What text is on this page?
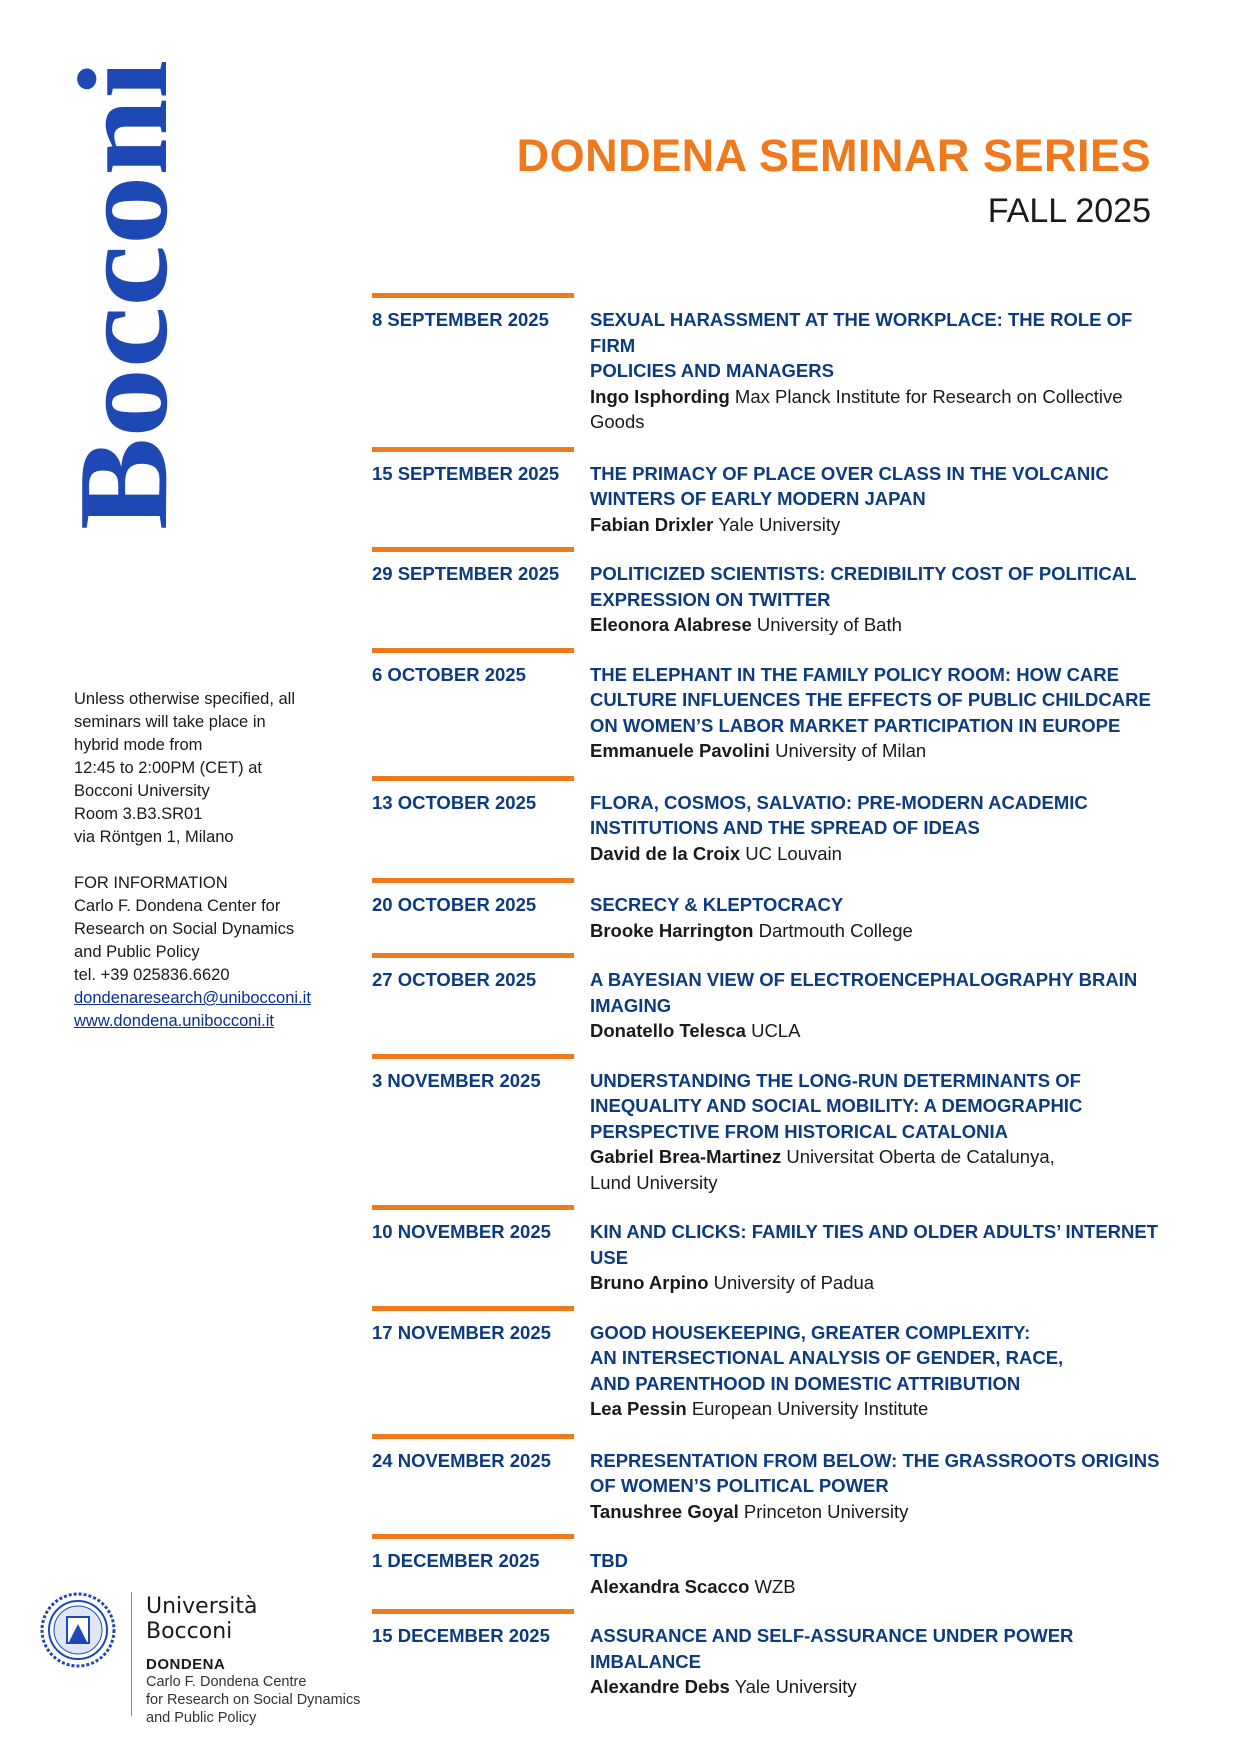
Bocconi	DONDENA SEMINAR SERIES
FALL 2025
Unless otherwise specified, all
seminars will take place in
hybrid mode from
12:45 to 2:00PM (CET) at
Bocconi University
Room 3.B3.SR01
via Röntgen 1, Milano
FOR INFORMATION
Carlo F. Dondena Center for
Research on Social Dynamics
and Public Policy
tel. +39 025836.6620
dondenaresearch@unibocconi.it
www.dondena.unibocconi.it
8 SEPTEMBER 2025	SEXUAL HARASSMENT AT THE WORKPLACE: THE ROLE OF FIRM
POLICIES AND MANAGERS
Ingo Isphording Max Planck Institute for Research on Collective
Goods
15 SEPTEMBER 2025	THE PRIMACY OF PLACE OVER CLASS IN THE VOLCANIC
WINTERS OF EARLY MODERN JAPAN
Fabian Drixler Yale University
29 SEPTEMBER 2025	POLITICIZED SCIENTISTS: CREDIBILITY COST OF POLITICAL
EXPRESSION ON TWITTER
Eleonora Alabrese University of Bath
6 OCTOBER 2025	THE ELEPHANT IN THE FAMILY POLICY ROOM: HOW CARE
CULTURE INFLUENCES THE EFFECTS OF PUBLIC CHILDCARE
ON WOMEN’S LABOR MARKET PARTICIPATION IN EUROPE
Emmanuele Pavolini University of Milan
13 OCTOBER 2025	FLORA, COSMOS, SALVATIO: PRE-MODERN ACADEMIC
INSTITUTIONS AND THE SPREAD OF IDEAS
David de la Croix UC Louvain
20 OCTOBER 2025	SECRECY & KLEPTOCRACY
Brooke Harrington Dartmouth College
27 OCTOBER 2025	A BAYESIAN VIEW OF ELECTROENCEPHALOGRAPHY BRAIN
IMAGING
Donatello Telesca UCLA
3 NOVEMBER 2025	UNDERSTANDING THE LONG-RUN DETERMINANTS OF
INEQUALITY AND SOCIAL MOBILITY: A DEMOGRAPHIC
PERSPECTIVE FROM HISTORICAL CATALONIA
Gabriel Brea-Martinez Universitat Oberta de Catalunya,
Lund University
10 NOVEMBER 2025	KIN AND CLICKS: FAMILY TIES AND OLDER ADULTS’ INTERNET
USE
Bruno Arpino University of Padua
17 NOVEMBER 2025	GOOD HOUSEKEEPING, GREATER COMPLEXITY:
AN INTERSECTIONAL ANALYSIS OF GENDER, RACE,
AND PARENTHOOD IN DOMESTIC ATTRIBUTION
Lea Pessin European University Institute
24 NOVEMBER 2025	REPRESENTATION FROM BELOW: THE GRASSROOTS ORIGINS
OF WOMEN’S POLITICAL POWER
Tanushree Goyal Princeton University
1 DECEMBER 2025	TBD
Alexandra Scacco WZB
15 DECEMBER 2025	ASSURANCE AND SELF-ASSURANCE UNDER POWER IMBALANCE
Alexandre Debs Yale University
Università
Bocconi
DONDENA
Carlo F. Dondena Centre
for Research on Social Dynamics
and Public Policy
